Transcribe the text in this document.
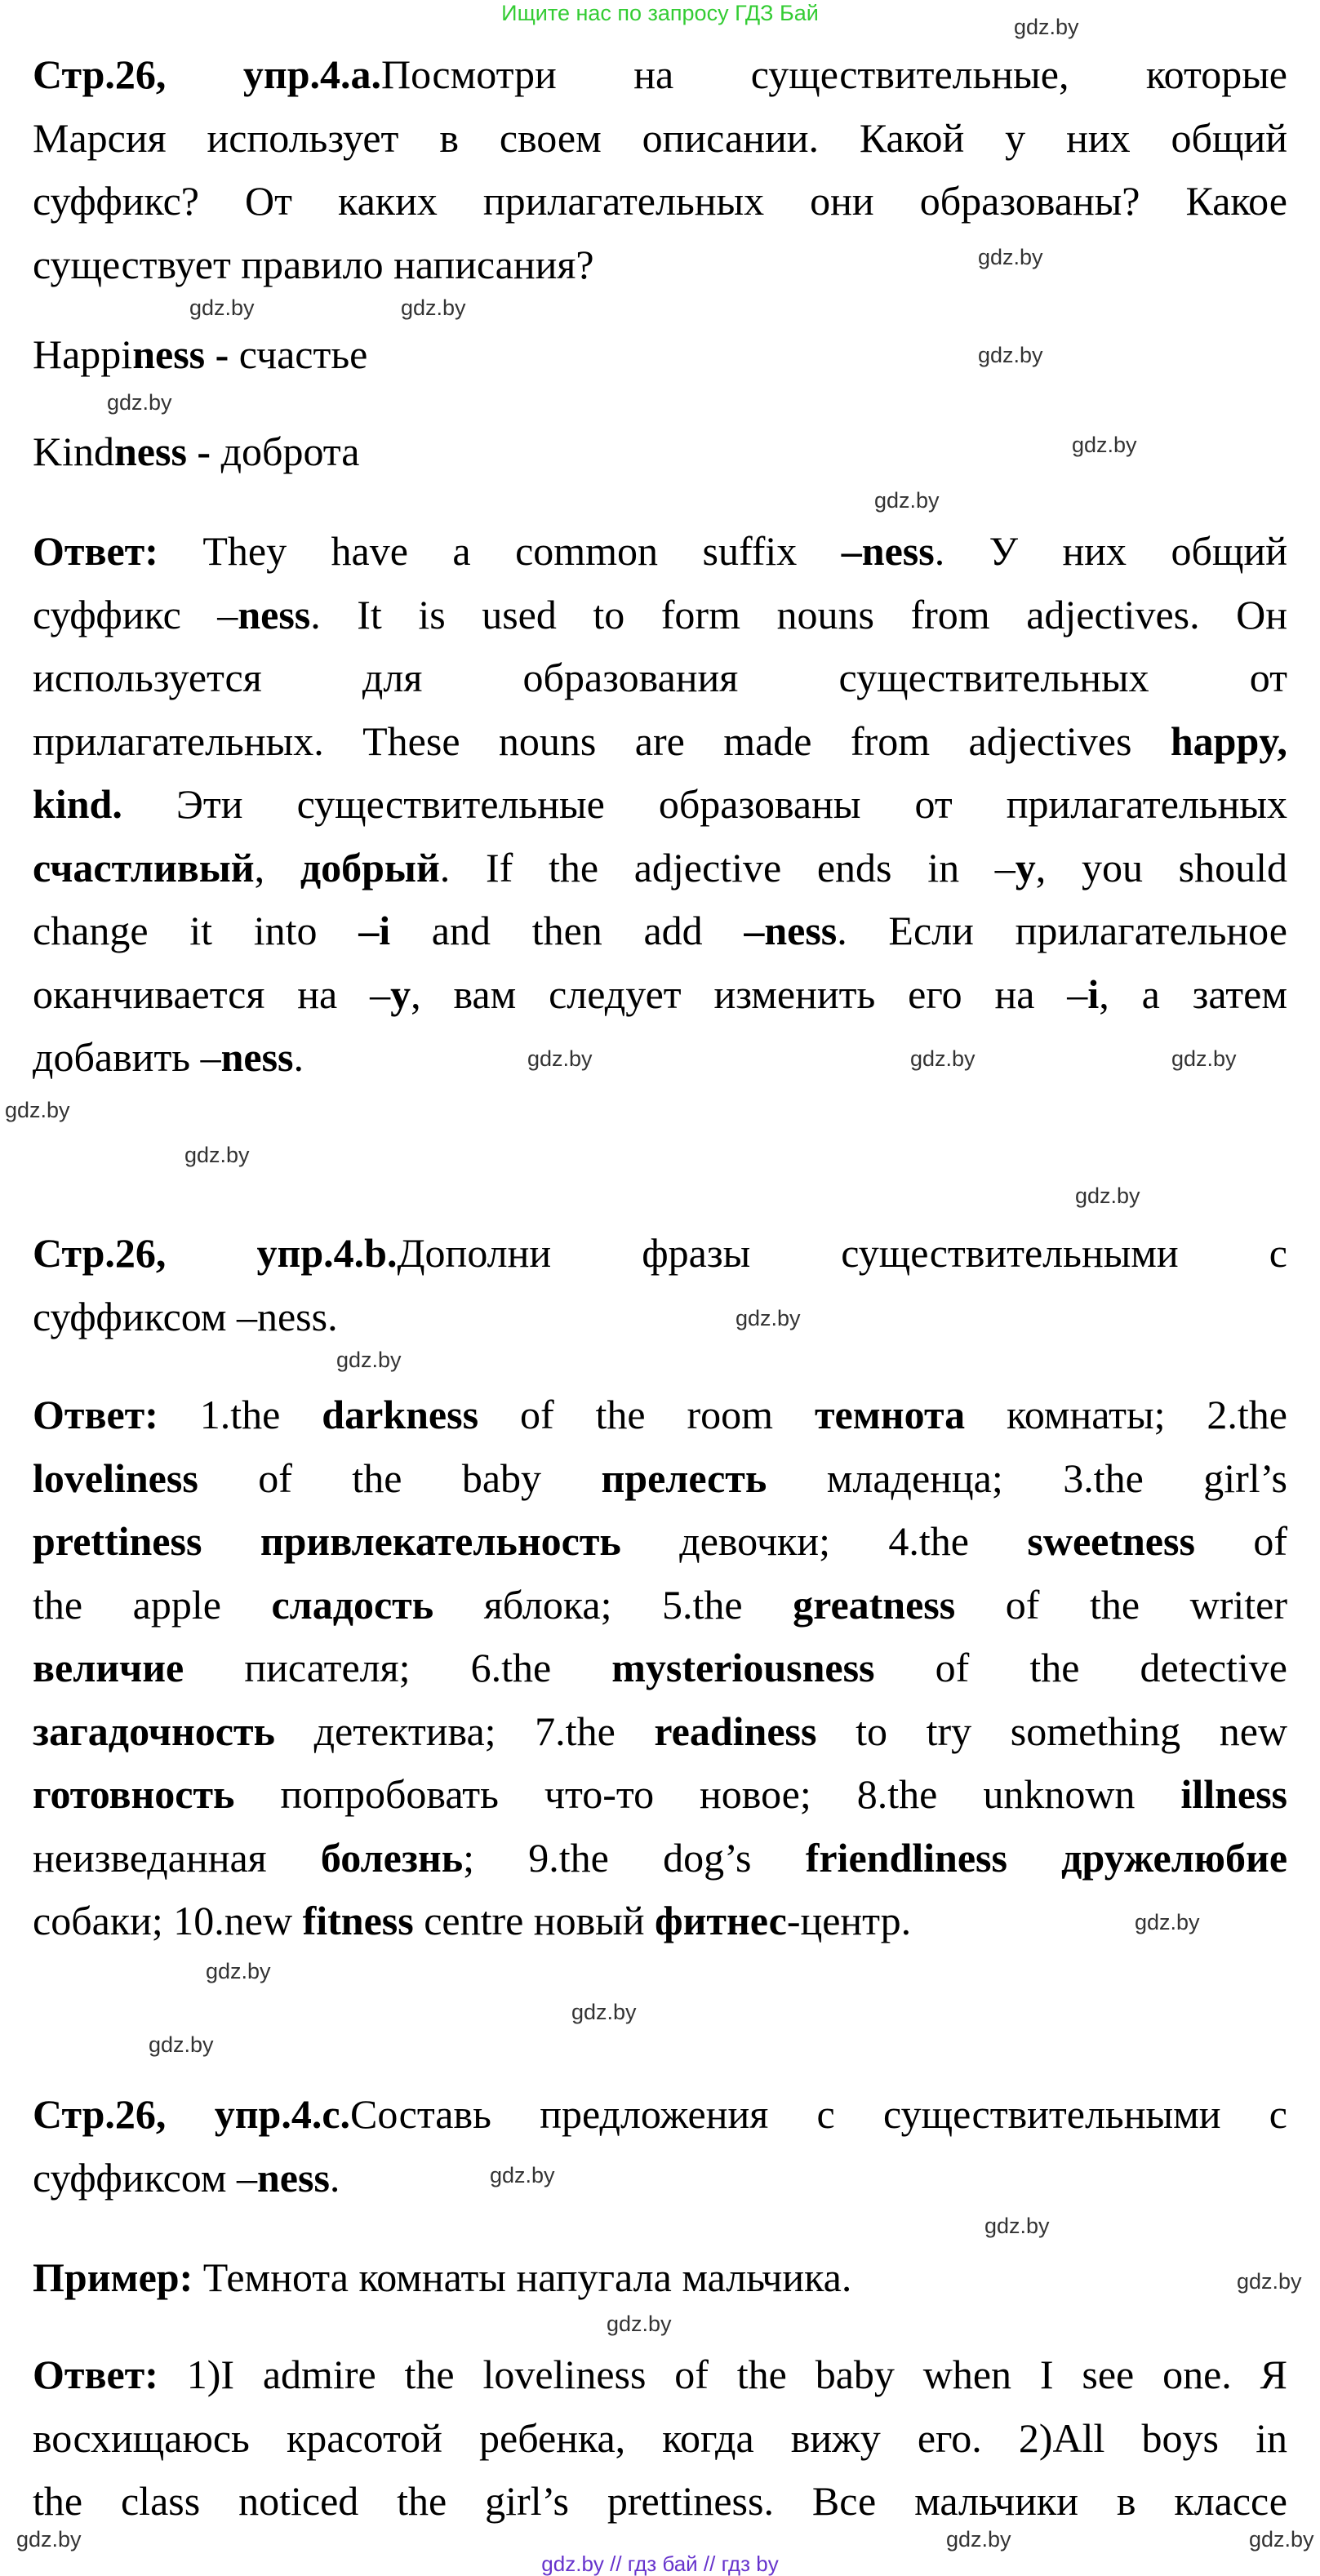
Ищите нас по запросу ГДЗ Бай
Стр.26, упр.4.а.Посмотри на существительные, которые
Марсия использует в своем описании. Какой у них общий
суффикс? От каких прилагательных они образованы? Какое
существует правило написания?
Happiness - счастье
Kindness - доброта
Ответ: They have a common suffix –ness. У них общий
суффикс –ness. It is used to form nouns from adjectives. Он
используется для образования существительных от
прилагательных. These nouns are made from adjectives happy,
kind. Эти существительные образованы от прилагательных
счастливый, добрый. If the adjective ends in –y, you should
change it into –i and then add –ness. Если прилагательное
оканчивается на –y, вам следует изменить его на –i, а затем
добавить –ness.
Стр.26, упр.4.b.Дополни фразы существительными с
суффиксом –ness.
Ответ: 1.the darkness of the room темнота комнаты; 2.the
loveliness of the baby прелесть младенца; 3.the girl’s
prettiness привлекательность девочки; 4.the sweetness of
the apple сладость яблока; 5.the greatness of the writer
величие писателя; 6.the mysteriousness of the detective
загадочность детектива; 7.the readiness to try something new
готовность попробовать что-то новое; 8.the unknown illness
неизведанная болезнь; 9.the dog’s friendliness дружелюбие
собаки; 10.new fitness centre новый фитнес-центр.
Стр.26, упр.4.c.Составь предложения с существительными с
суффиксом –ness.
Пример: Темнота комнаты напугала мальчика.
Ответ: 1)I admire the loveliness of the baby when I see one. Я
восхищаюсь красотой ребенка, когда вижу его. 2)All boys in
the class noticed the girl’s prettiness. Все мальчики в классе
gdz.by
gdz.by
gdz.by
gdz.by
gdz.by
gdz.by
gdz.by
gdz.by
gdz.by
gdz.by
gdz.by
gdz.by
gdz.by
gdz.by
gdz.by
gdz.by
gdz.by
gdz.by
gdz.by
gdz.by
gdz.by
gdz.by
gdz.by
gdz.by
gdz.by	gdz.by	gdz.by
gdz.by // гдз бай // гдз by
